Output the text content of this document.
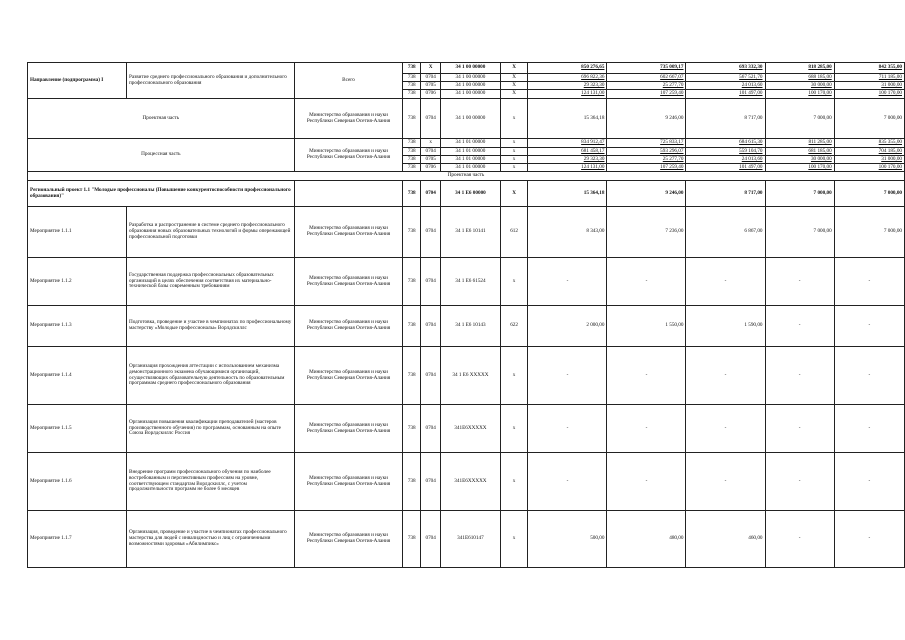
Направление (подпрограмма) I	Развитие среднего профессионального образования и дополнительного профессионального образования	Всего	738	Х	34 1 00 00000	Х	850 276,65	735 009,17	693 332,30	818 285,00	842 355,00
			738	0704	34 1 00 00000	Х	696 822,36	602 667,07	567 521,70	688 185,00	711 185,00
			738	0705	34 1 00 00000	Х	29 323,30	25 277,70	24 013,60	30 000,00	31 000,00
			738	0706	34 1 00 00000	Х	124 131,00	107 259,40	101 497,00	100 170,00	100 170,00
Проектная часть		Министерство образования и науки Республики Северная Осетия-Алания	738	0704	34 1 00 00000	х	15 364,18	9 246,00	8 717,00	7 000,00	7 000,00
Процессная часть		Министерство образования и науки Республики Северная Осетия-Алания	738	х	34 1 01 00000	х	834 912,47	725 833,17	684 615,30	811 285,00	835 355,00
			738	0704	34 1 01 00000	х	681 458,17	593 296,07	559 104,70	681 185,00	704 185,00
			738	0705	34 1 01 00000	х	29 323,30	25 277,70	24 013,60	30 000,00	31 000,00
			738	0706	34 1 01 00000	х	124 131,00	107 259,40	101 497,00	100 170,00	100 170,00
Проектная часть											
Региональный проект 1.1 "Молодые профессионалы (Повышение конкурентоспособности профессионального образования)"			738	0704	34 1 Е6 00000	Х	15 364,18	9 246,00	8 717,00	7 000,00	7 000,00
Мероприятие 1.1.1	Разработка и распространение в системе среднего профессионального образования новых образовательных технологий и формы опережающей профессиональной подготовки	Министерство образования и науки Республики Северная Осетия-Алания	738	0704	34 1 Е6 10141	612	8 343,00	7 236,00	6 867,00	7 000,00	7 000,00
Мероприятие 1.1.2	Государственная поддержка профессиональных образовательных организаций в целях обеспечения соответствия их материально-технической базы современным требованиям	Министерство образования и науки Республики Северная Осетия-Алания	738	0704	34 1 Е6 61524	х	-	-	-	-	-
Мероприятие 1.1.3	Подготовка, проведение и участие в чемпионатах по профессиональному мастерству «Молодые профессионалы» Ворлдскиллс	Министерство образования и науки Республики Северная Осетия-Алания	738	0704	34 1 Е6 10143	622	2 000,00	1 550,00	1 590,00	-	-
Мероприятие 1.1.4	Организация прохождения аттестации с использованием механизма демонстрационного экзамена обучающимися организаций, осуществляющих образовательную деятельность по образовательным программам среднего профессионального образования	Министерство образования и науки Республики Северная Осетия-Алания	738	0704	34 1 Е6 ХХХХХ	х	-	-	-	-	-
Мероприятие 1.1.5	Организация повышения квалификации преподавателей (мастеров производственного обучения) по программам, основанным на опыте Союза Ворлдскиллс Россия	Министерство образования и науки Республики Северная Осетия-Алания	738	0704	341Е6ХХХХХ	х	-	-	-	-	-
Мероприятие 1.1.6	Внедрение программ профессионального обучения по наиболее востребованным и перспективным профессиям на уровне, соответствующем стандартам Ворлдскиллс, с учетом продолжительности программ не более 6 месяцев	Министерство образования и науки Республики Северная Осетия-Алания	738	0704	341Е6ХХХХХ	х	-	-	-	-	-
Мероприятие 1.1.7	Организация, проведение и участие в чемпионатах профессионального мастерства для людей с инвалидностью и лиц с ограниченными возможностями здоровья «Абилимпикс»	Министерство образования и науки Республики Северная Осетия-Алания	738	0704	341Е610147	х	500,00	480,00	460,00	-	-
